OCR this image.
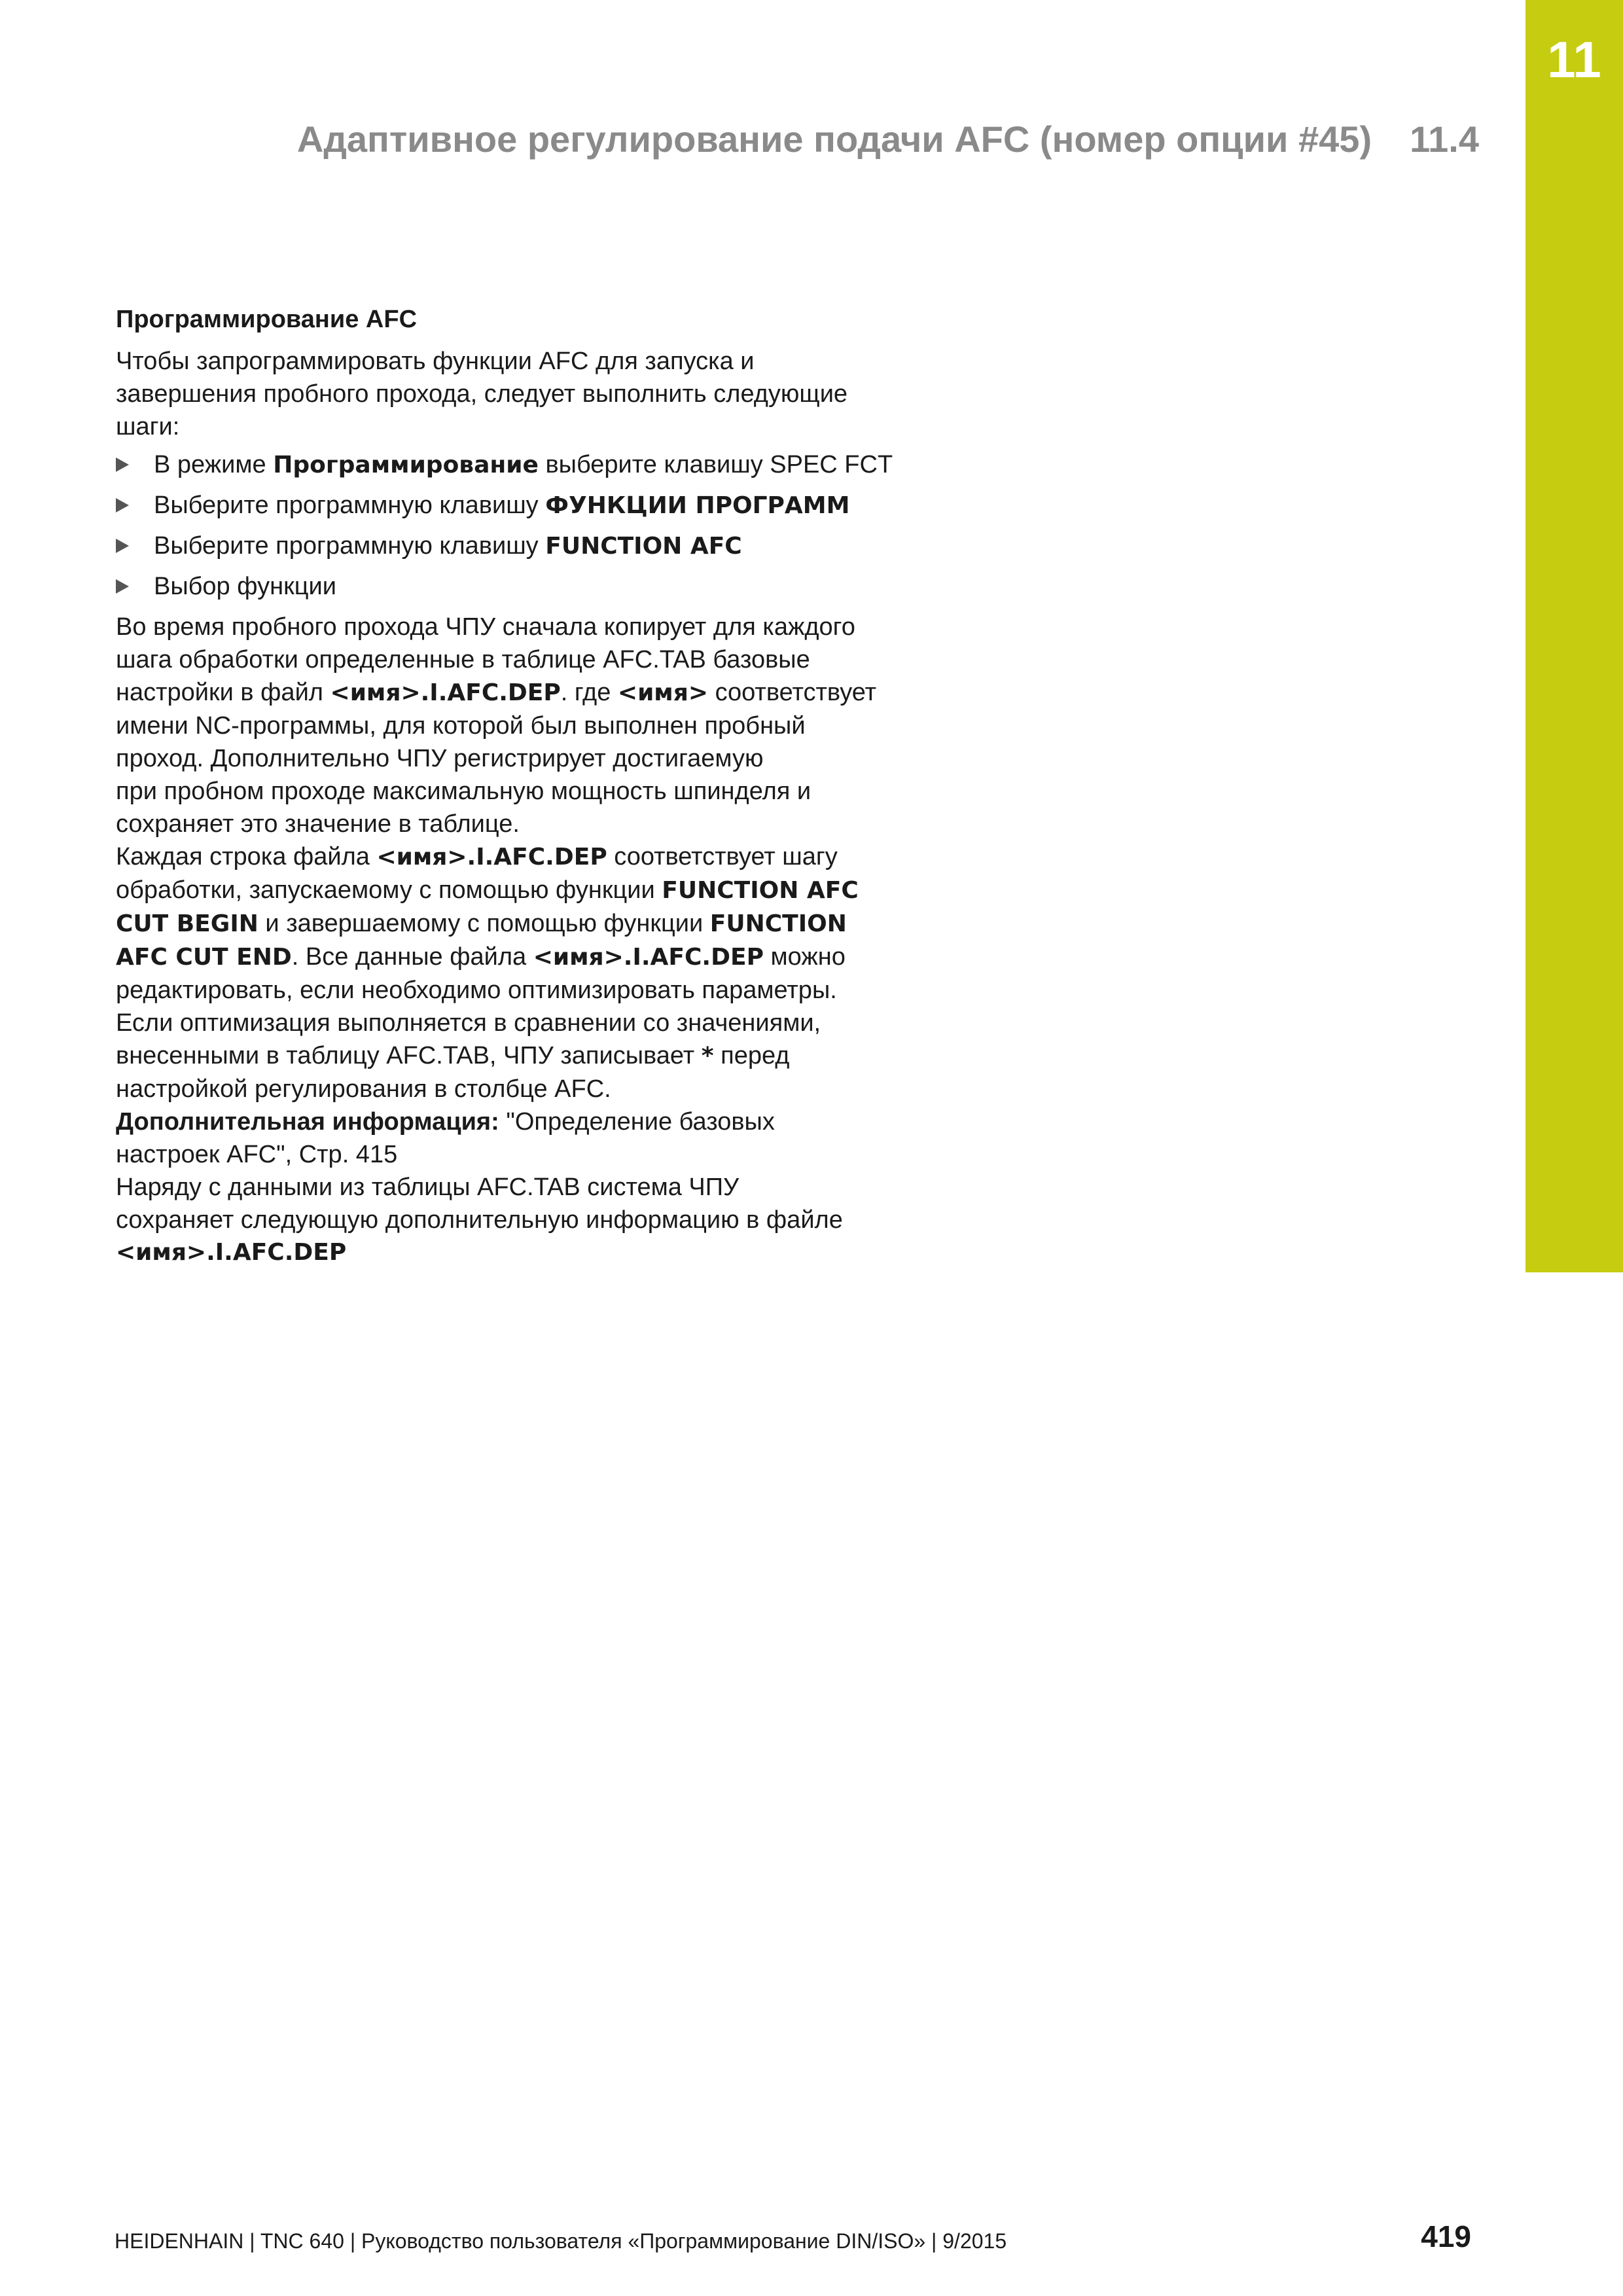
11
Адаптивное регулирование подачи AFC (номер опции #45) 11.4
Программирование AFC

Чтобы запрограммировать функции AFC для запуска и
завершения пробного прохода, следует выполнить следующие
шаги:

В режиме Программирование выберите клавишу SPEC FCT
Выберите программную клавишу ФУНКЦИИ ПРОГРАММ
Выберите программную клавишу FUNCTION AFC
Выбор функции

Во время пробного прохода ЧПУ сначала копирует для каждого
шага обработки определенные в таблице AFC.TAB базовые
настройки в файл <имя>.I.AFC.DEP. где <имя> соответствует
имени NC-программы, для которой был выполнен пробный
проход. Дополнительно ЧПУ регистрирует достигаемую
при пробном проходе максимальную мощность шпинделя и
сохраняет это значение в таблице.

Каждая строка файла <имя>.I.AFC.DEP соответствует шагу
обработки, запускаемому с помощью функции FUNCTION AFC
CUT BEGIN и завершаемому с помощью функции FUNCTION
AFC CUT END. Все данные файла <имя>.I.AFC.DEP можно
редактировать, если необходимо оптимизировать параметры.
Если оптимизация выполняется в сравнении со значениями,
внесенными в таблицу AFC.TAB, ЧПУ записывает * перед
настройкой регулирования в столбце AFC.

Дополнительная информация: "Определение базовых
настроек AFC", Стр. 415

Наряду с данными из таблицы AFC.TAB система ЧПУ
сохраняет следующую дополнительную информацию в файле
<имя>.I.AFC.DEP

HEIDENHAIN | TNC 640 | Руководство пользователя «Программирование DIN/ISO» | 9/2015	419
